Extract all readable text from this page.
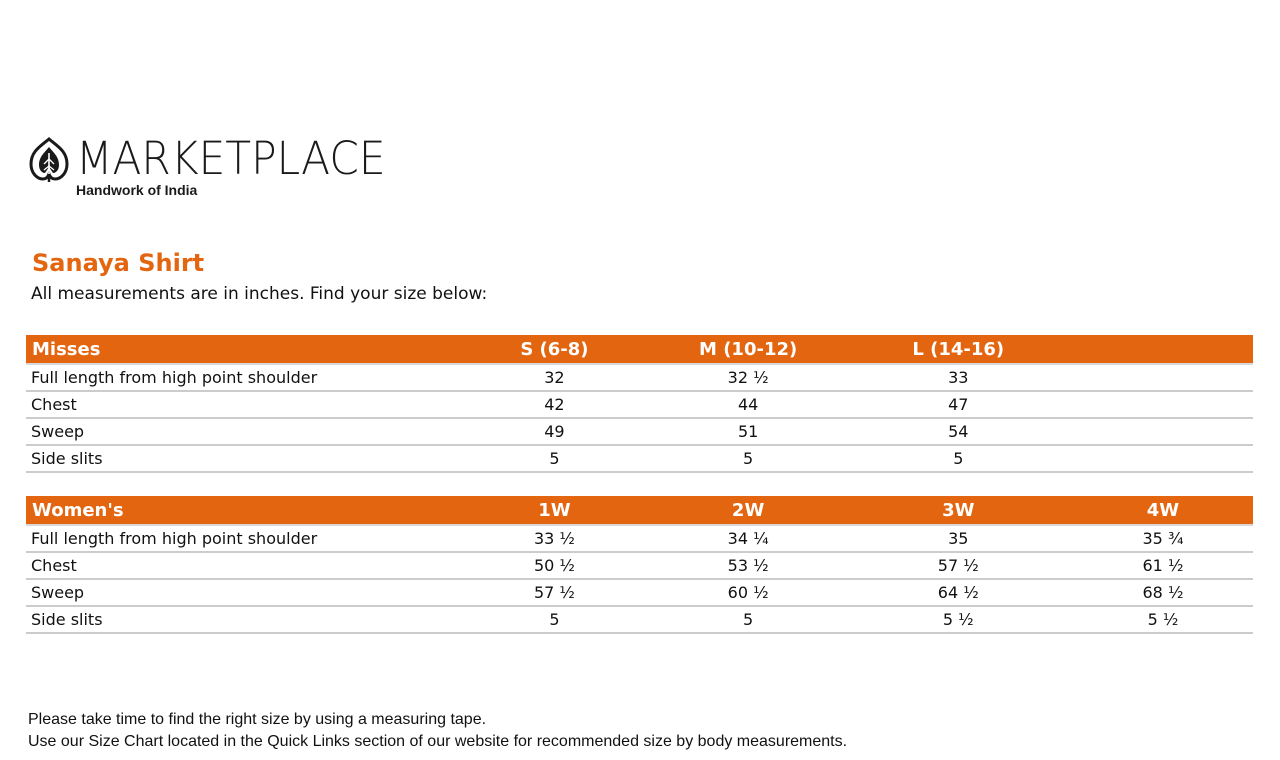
MARKETPLACE
Handwork of India
Sanaya Shirt
All measurements are in inches. Find your size below:
Misses	S (6-8)	M (10-12)	L (14-16)	
Full length from high point shoulder	32	32 ½	33	
Chest	42	44	47	
Sweep	49	51	54	
Side slits	5	5	5	
Women's	1W	2W	3W	4W
Full length from high point shoulder	33 ½	34 ¼	35	35 ¾
Chest	50 ½	53 ½	57 ½	61 ½
Sweep	57 ½	60 ½	64 ½	68 ½
Side slits	5	5	5 ½	5 ½
Please take time to find the right size by using a measuring tape.
Use our Size Chart located in the Quick Links section of our website for recommended size by body measurements.
